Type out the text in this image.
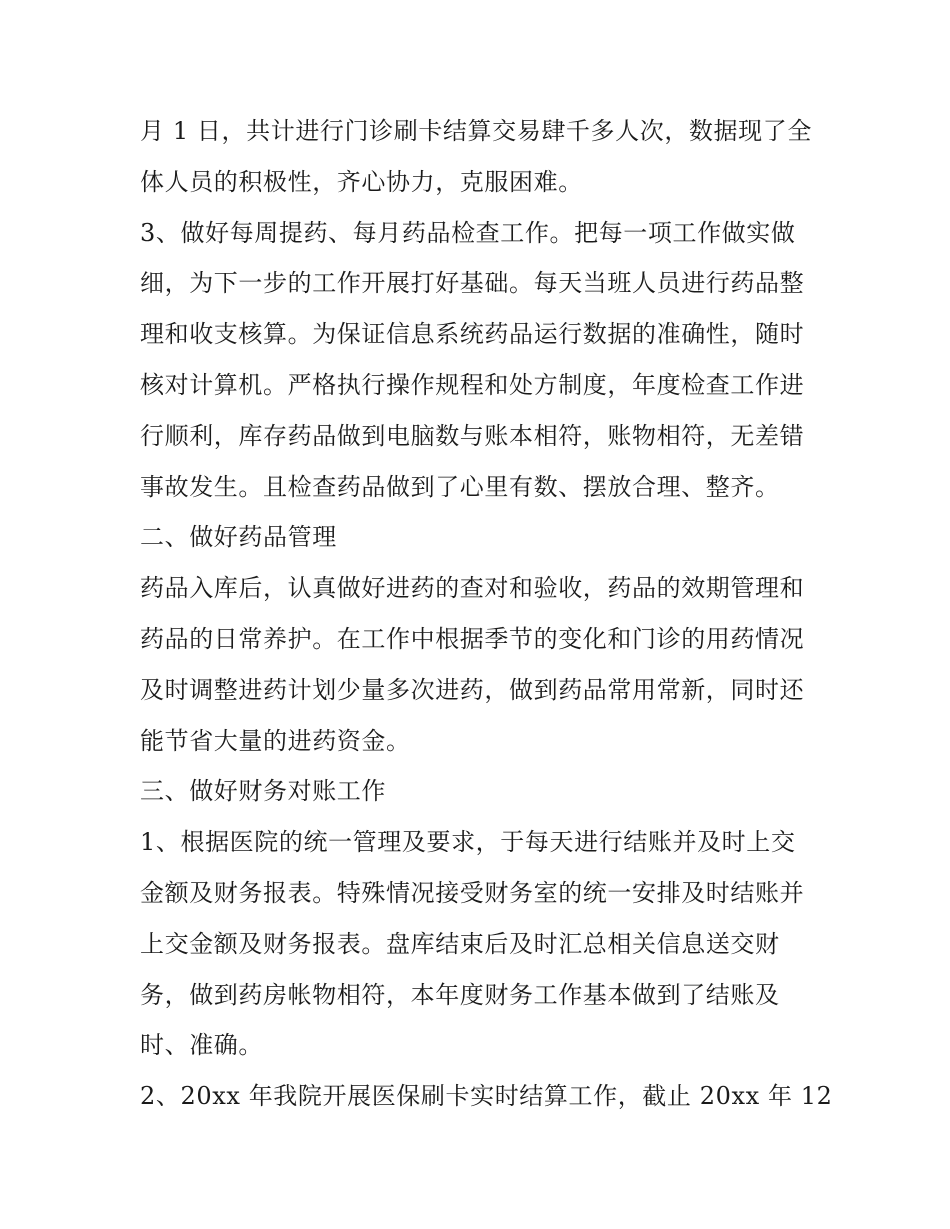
月 1 日，共计进行门诊刷卡结算交易肆千多人次，数据现了全
体人员的积极性，齐心协力，克服困难。
3、做好每周提药、每月药品检查工作。把每一项工作做实做
细，为下一步的工作开展打好基础。每天当班人员进行药品整
理和收支核算。为保证信息系统药品运行数据的准确性，随时
核对计算机。严格执行操作规程和处方制度，年度检查工作进
行顺利，库存药品做到电脑数与账本相符，账物相符，无差错
事故发生。且检查药品做到了心里有数、摆放合理、整齐。
二、做好药品管理
药品入库后，认真做好进药的查对和验收，药品的效期管理和
药品的日常养护。在工作中根据季节的变化和门诊的用药情况
及时调整进药计划少量多次进药，做到药品常用常新，同时还
能节省大量的进药资金。
三、做好财务对账工作
1、根据医院的统一管理及要求，于每天进行结账并及时上交
金额及财务报表。特殊情况接受财务室的统一安排及时结账并
上交金额及财务报表。盘库结束后及时汇总相关信息送交财
务，做到药房帐物相符，本年度财务工作基本做到了结账及
时、准确。
2、20xx 年我院开展医保刷卡实时结算工作，截止 20xx 年 12
